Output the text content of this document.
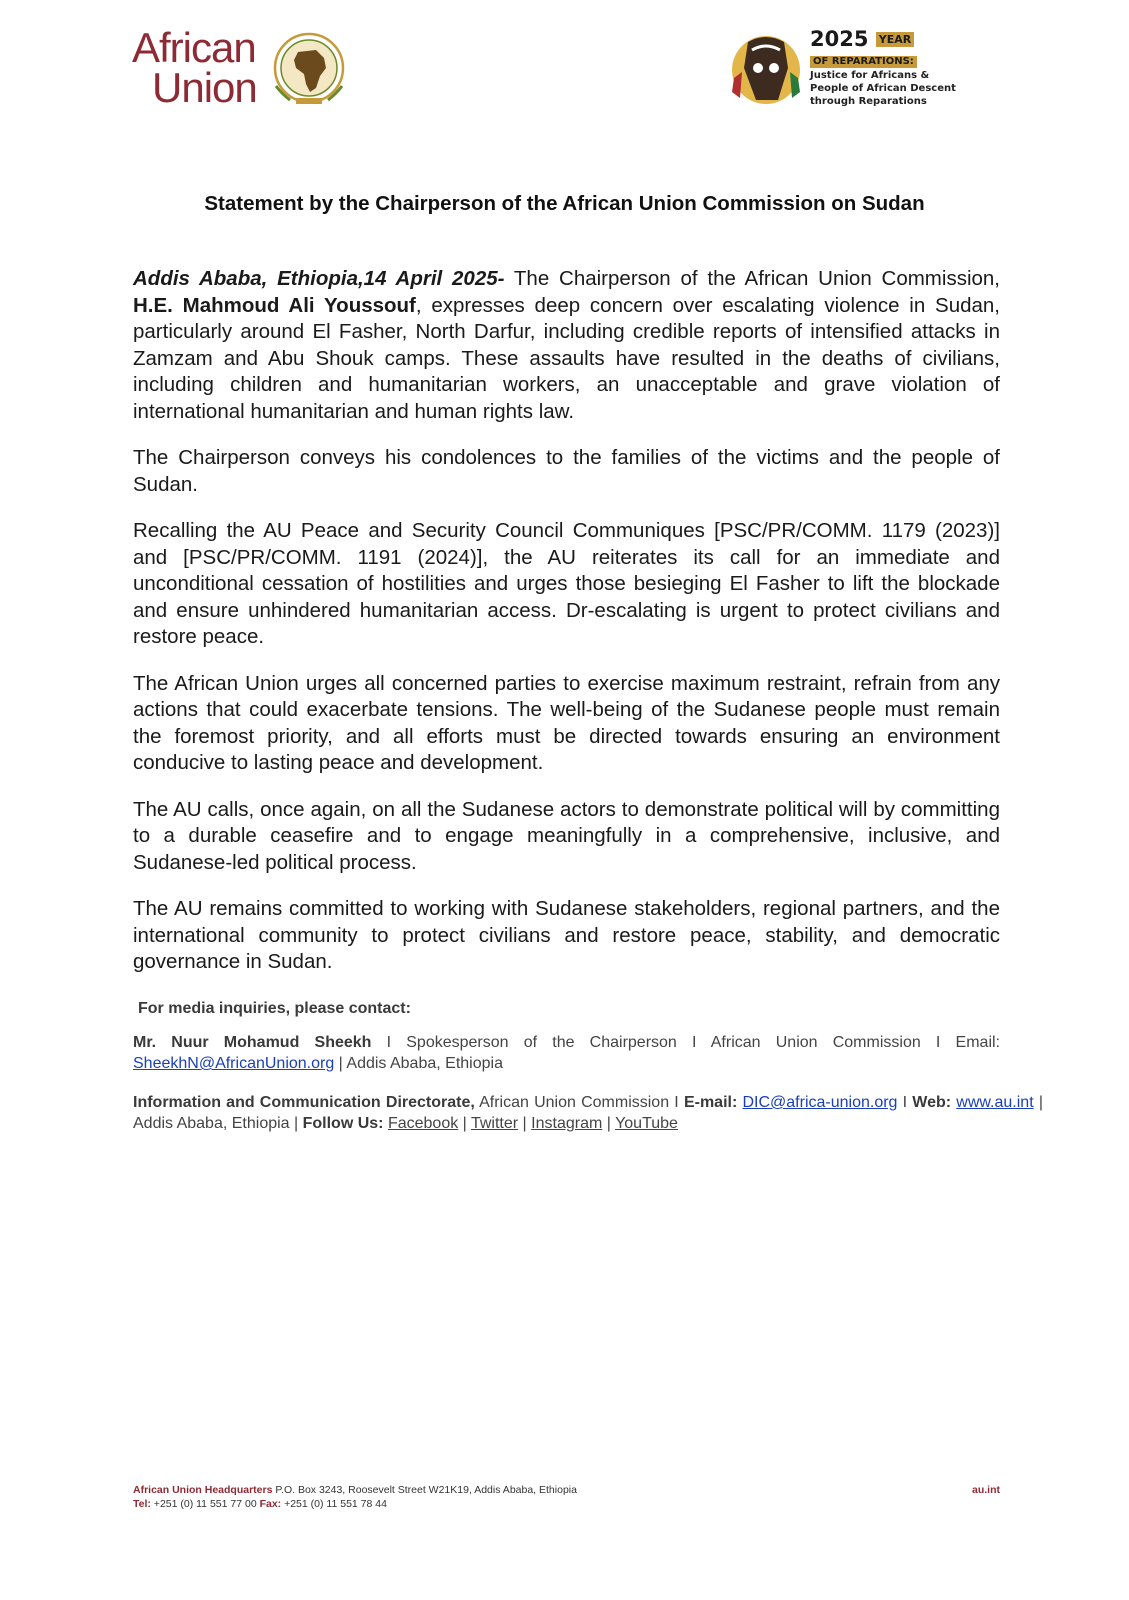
African
Union
2025 YEAR
OF REPARATIONS:
Justice for Africans &
People of African Descent
through Reparations
Statement by the Chairperson of the African Union Commission on Sudan

Addis Ababa, Ethiopia,14 April 2025- The Chairperson of the African Union Commission, H.E. Mahmoud Ali Youssouf, expresses deep concern over escalating violence in Sudan, particularly around El Fasher, North Darfur, including credible reports of intensified attacks in Zamzam and Abu Shouk camps. These assaults have resulted in the deaths of civilians, including children and humanitarian workers, an unacceptable and grave violation of international humanitarian and human rights law.

The Chairperson conveys his condolences to the families of the victims and the people of Sudan.

Recalling the AU Peace and Security Council Communiques [PSC/PR/COMM. 1179 (2023)] and [PSC/PR/COMM. 1191 (2024)], the AU reiterates its call for an immediate and unconditional cessation of hostilities and urges those besieging El Fasher to lift the blockade and ensure unhindered humanitarian access. Dr-escalating is urgent to protect civilians and restore peace.

The African Union urges all concerned parties to exercise maximum restraint, refrain from any actions that could exacerbate tensions. The well-being of the Sudanese people must remain the foremost priority, and all efforts must be directed towards ensuring an environment conducive to lasting peace and development.

The AU calls, once again, on all the Sudanese actors to demonstrate political will by committing to a durable ceasefire and to engage meaningfully in a comprehensive, inclusive, and Sudanese-led political process.

The AU remains committed to working with Sudanese stakeholders, regional partners, and the international community to protect civilians and restore peace, stability, and democratic governance in Sudan.

For media inquiries, please contact:
Mr. Nuur Mohamud Sheekh I Spokesperson of the Chairperson I African Union Commission I Email: SheekhN@AfricanUnion.org | Addis Ababa, Ethiopia
Information and Communication Directorate, African Union Commission I E-mail: DIC@africa-union.org I Web: www.au.int | Addis Ababa, Ethiopia | Follow Us: Facebook | Twitter | Instagram | YouTube
African Union Headquarters P.O. Box 3243, Roosevelt Street W21K19, Addis Ababa, Ethiopia
Tel: +251 (0) 11 551 77 00 Fax: +251 (0) 11 551 78 44
au.int
